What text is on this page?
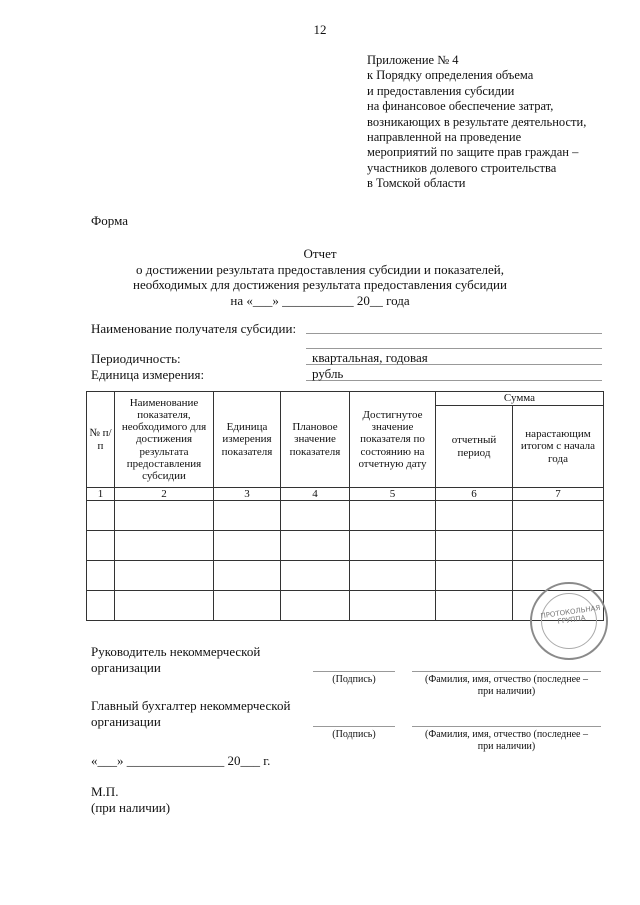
12
Приложение № 4
к Порядку определения объема
и предоставления субсидии
на финансовое обеспечение затрат,
возникающих в результате деятельности,
направленной на проведение
мероприятий по защите прав граждан –
участников долевого строительства
в Томской области
Форма
Отчет
о достижении результата предоставления субсидии и показателей,
необходимых для достижения результата предоставления субсидии
на «___» ___________ 20__ года
Наименование получателя субсидии:
Периодичность:	квартальная, годовая
Единица измерения:	рубль
№ п/п	Наименование показателя, необходимого для достижения результата предоставления субсидии	Единица измерения показателя	Плановое значение показателя	Достигнутое значение показателя по состоянию на отчетную дату	Сумма	
					отчетный период	нарастающим итогом с начала года
1	2	3	4	5	6	7

ПРОТОКОЛЬНАЯ ГРУППА
Руководитель некоммерческой
организации
(Подпись)	(Фамилия, имя, отчество (последнее –
при наличии)
Главный бухгалтер некоммерческой
организации
(Подпись)	(Фамилия, имя, отчество (последнее –
при наличии)
«___» _______________ 20___ г.
М.П.
(при наличии)
